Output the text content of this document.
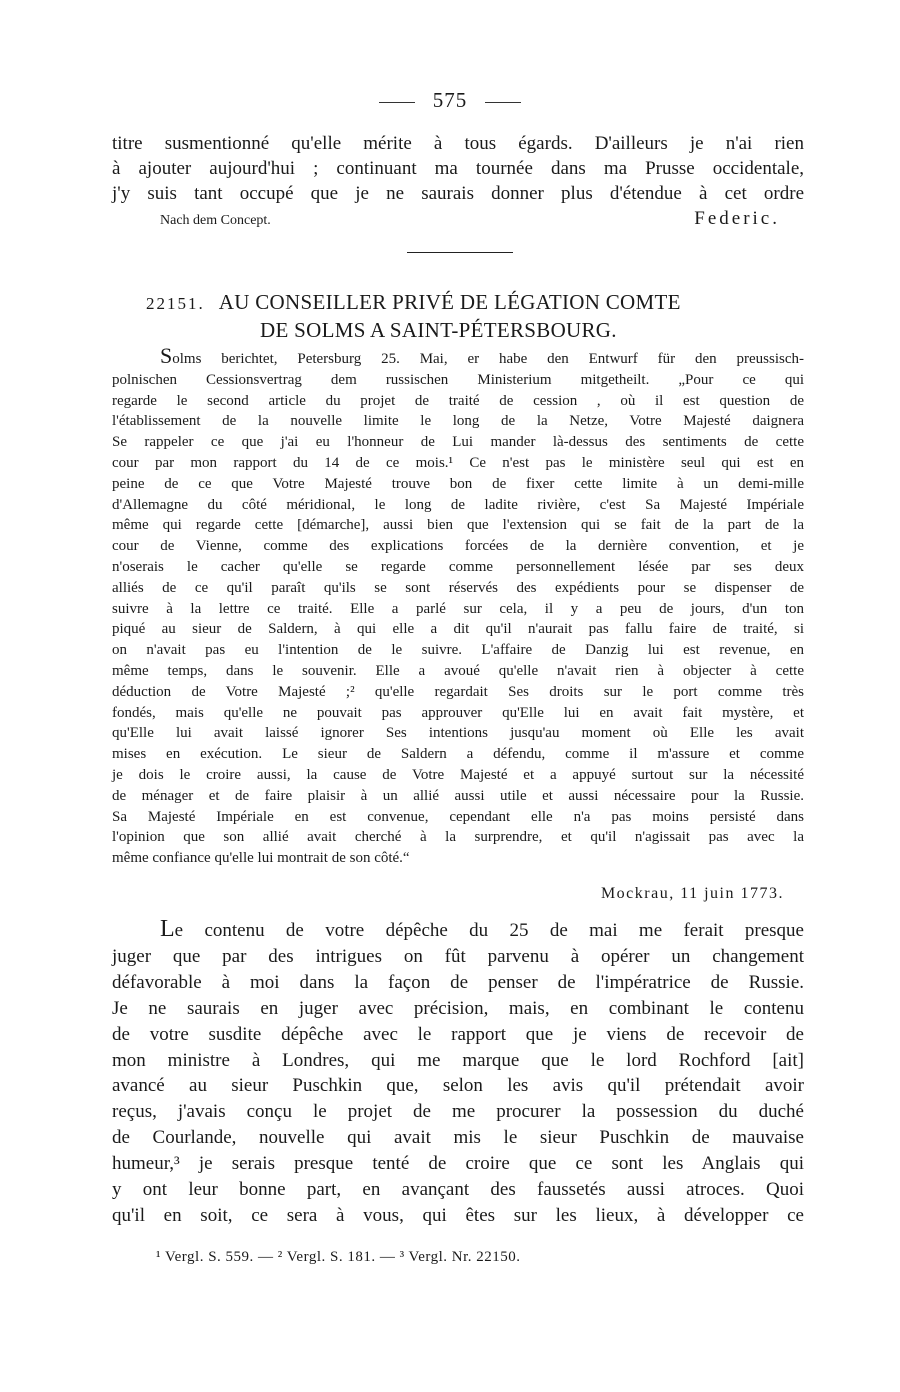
575
titre susmentionné qu'elle mérite à tous égards. D'ailleurs je n'ai rien
à ajouter aujourd'hui ; continuant ma tournée dans ma Prusse occidentale,
j'y suis tant occupé que je ne saurais donner plus d'étendue à cet ordre
Nach dem Concept.	Federic.
22151. AU CONSEILLER PRIVÉ DE LÉGATION COMTE
DE SOLMS A SAINT-PÉTERSBOURG.
Solms berichtet, Petersburg 25. Mai, er habe den Entwurf für den preussisch-
polnischen Cessionsvertrag dem russischen Ministerium mitgetheilt. „Pour ce qui
regarde le second article du projet de traité de cession , où il est question de
l'établissement de la nouvelle limite le long de la Netze, Votre Majesté daignera
Se rappeler ce que j'ai eu l'honneur de Lui mander là-dessus des sentiments de cette
cour par mon rapport du 14 de ce mois.¹ Ce n'est pas le ministère seul qui est en
peine de ce que Votre Majesté trouve bon de fixer cette limite à un demi-mille
d'Allemagne du côté méridional, le long de ladite rivière, c'est Sa Majesté Impériale
même qui regarde cette [démarche], aussi bien que l'extension qui se fait de la part de la
cour de Vienne, comme des explications forcées de la dernière convention, et je
n'oserais le cacher qu'elle se regarde comme personnellement lésée par ses deux
alliés de ce qu'il paraît qu'ils se sont réservés des expédients pour se dispenser de
suivre à la lettre ce traité. Elle a parlé sur cela, il y a peu de jours, d'un ton
piqué au sieur de Saldern, à qui elle a dit qu'il n'aurait pas fallu faire de traité, si
on n'avait pas eu l'intention de le suivre. L'affaire de Danzig lui est revenue, en
même temps, dans le souvenir. Elle a avoué qu'elle n'avait rien à objecter à cette
déduction de Votre Majesté ;² qu'elle regardait Ses droits sur le port comme très
fondés, mais qu'elle ne pouvait pas approuver qu'Elle lui en avait fait mystère, et
qu'Elle lui avait laissé ignorer Ses intentions jusqu'au moment où Elle les avait
mises en exécution. Le sieur de Saldern a défendu, comme il m'assure et comme
je dois le croire aussi, la cause de Votre Majesté et a appuyé surtout sur la nécessité
de ménager et de faire plaisir à un allié aussi utile et aussi nécessaire pour la Russie.
Sa Majesté Impériale en est convenue, cependant elle n'a pas moins persisté dans
l'opinion que son allié avait cherché à la surprendre, et qu'il n'agissait pas avec la
même confiance qu'elle lui montrait de son côté.“
Mockrau, 11 juin 1773.
Le contenu de votre dépêche du 25 de mai me ferait presque
juger que par des intrigues on fût parvenu à opérer un changement
défavorable à moi dans la façon de penser de l'impératrice de Russie.
Je ne saurais en juger avec précision, mais, en combinant le contenu
de votre susdite dépêche avec le rapport que je viens de recevoir de
mon ministre à Londres, qui me marque que le lord Rochford [ait]
avancé au sieur Puschkin que, selon les avis qu'il prétendait avoir
reçus, j'avais conçu le projet de me procurer la possession du duché
de Courlande, nouvelle qui avait mis le sieur Puschkin de mauvaise
humeur,³ je serais presque tenté de croire que ce sont les Anglais qui
y ont leur bonne part, en avançant des faussetés aussi atroces. Quoi
qu'il en soit, ce sera à vous, qui êtes sur les lieux, à développer ce
¹ Vergl. S. 559. — ² Vergl. S. 181. — ³ Vergl. Nr. 22150.
